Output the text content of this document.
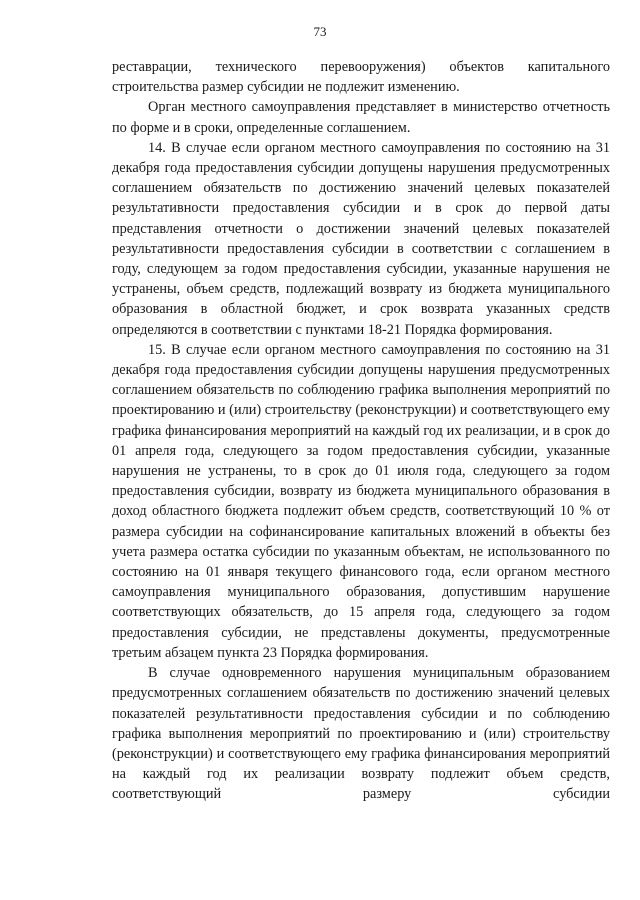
73

реставрации, технического перевооружения) объектов капитального строительства размер субсидии не подлежит изменению.

Орган местного самоуправления представляет в министерство отчетность по форме и в сроки, определенные соглашением.

14. В случае если органом местного самоуправления по состоянию на 31 декабря года предоставления субсидии допущены нарушения предусмотренных соглашением обязательств по достижению значений целевых показателей результативности предоставления субсидии и в срок до первой даты представления отчетности о достижении значений целевых показателей результативности предоставления субсидии в соответствии с соглашением в году, следующем за годом предоставления субсидии, указанные нарушения не устранены, объем средств, подлежащий возврату из бюджета муниципального образования в областной бюджет, и срок возврата указанных средств определяются в соответствии с пунктами 18-21 Порядка формирования.

15. В случае если органом местного самоуправления по состоянию на 31 декабря года предоставления субсидии допущены нарушения предусмотренных соглашением обязательств по соблюдению графика выполнения мероприятий по проектированию и (или) строительству (реконструкции) и соответствующего ему графика финансирования мероприятий на каждый год их реализации, и в срок до 01 апреля года, следующего за годом предоставления субсидии, указанные нарушения не устранены, то в срок до 01 июля года, следующего за годом предоставления субсидии, возврату из бюджета муниципального образования в доход областного бюджета подлежит объем средств, соответствующий 10 % от размера субсидии на софинансирование капитальных вложений в объекты без учета размера остатка субсидии по указанным объектам, не использованного по состоянию на 01 января текущего финансового года, если органом местного самоуправления муниципального образования, допустившим нарушение соответствующих обязательств, до 15 апреля года, следующего за годом предоставления субсидии, не представлены документы, предусмотренные третьим абзацем пункта 23 Порядка формирования.

В случае одновременного нарушения муниципальным образованием предусмотренных соглашением обязательств по достижению значений целевых показателей результативности предоставления субсидии и по соблюдению графика выполнения мероприятий по проектированию и (или) строительству (реконструкции) и соответствующего ему графика финансирования мероприятий на каждый год их реализации возврату подлежит объем средств, соответствующий размеру субсидии
